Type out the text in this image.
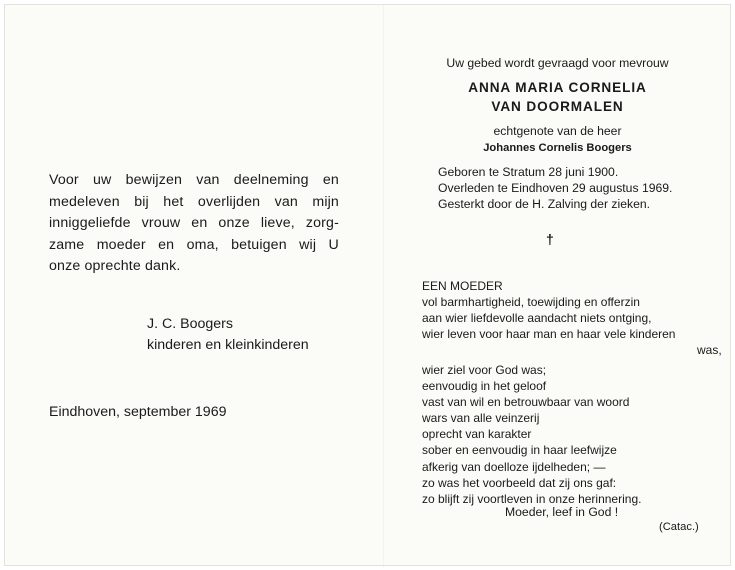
Voor uw bewijzen van deelneming en
medeleven bij het overlijden van mijn
inniggeliefde vrouw en onze lieve, zorg-
zame moeder en oma, betuigen wij U
onze oprechte dank.
J. C. Boogers
kinderen en kleinkinderen
Eindhoven, september 1969
Uw gebed wordt gevraagd voor mevrouw
ANNA MARIA CORNELIA
VAN DOORMALEN
echtgenote van de heer
Johannes Cornelis Boogers
Geboren te Stratum 28 juni 1900.
Overleden te Eindhoven 29 augustus 1969.
Gesterkt door de H. Zalving der zieken.
†
EEN MOEDER
vol barmhartigheid, toewijding en offerzin
aan wier liefdevolle aandacht niets ontging,
wier leven voor haar man en haar vele kinderen
was,
wier ziel voor God was;
eenvoudig in het geloof
vast van wil en betrouwbaar van woord
wars van alle veinzerij
oprecht van karakter
sober en eenvoudig in haar leefwijze
afkerig van doelloze ijdelheden; —
zo was het voorbeeld dat zij ons gaf:
zo blijft zij voortleven in onze herinnering.
Moeder, leef in God !
(Catac.)
